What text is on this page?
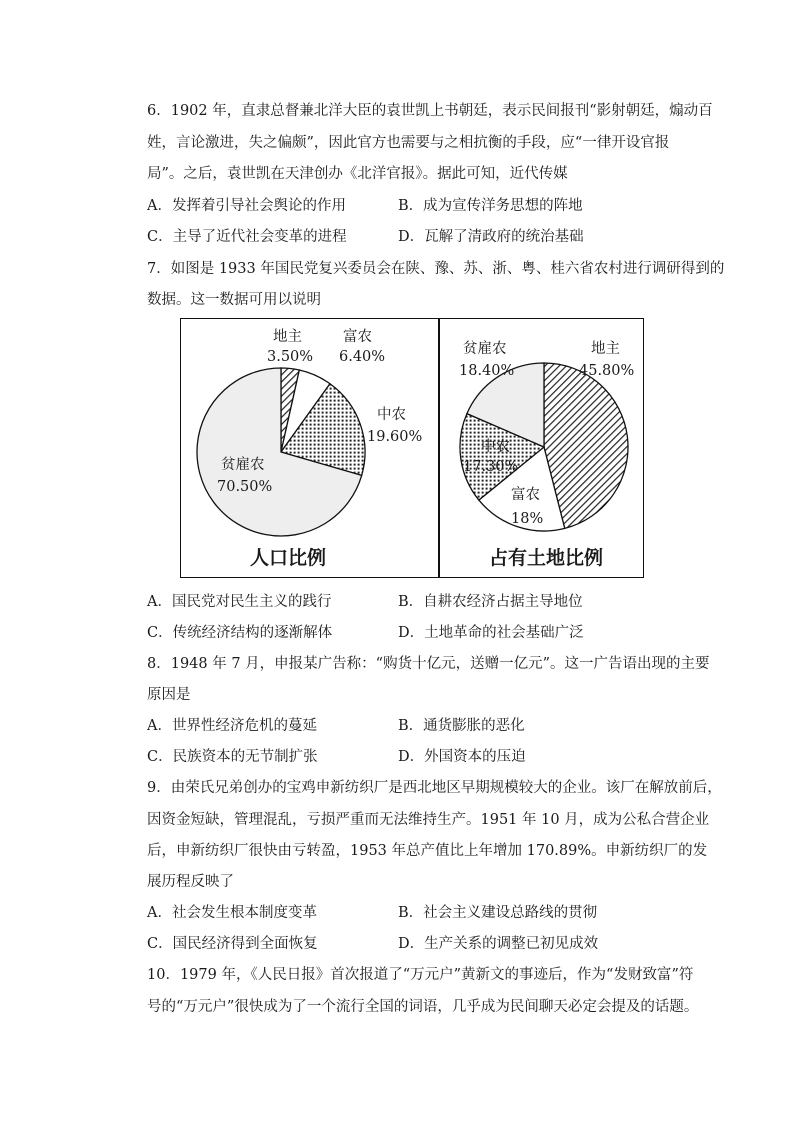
6．1902 年，直隶总督兼北洋大臣的袁世凯上书朝廷，表示民间报刊“影射朝廷，煽动百
姓，言论激进，失之偏颇”，因此官方也需要与之相抗衡的手段，应“一律开设官报
局”。之后，袁世凯在天津创办《北洋官报》。据此可知，近代传媒
A．发挥着引导社会舆论的作用	B．成为宣传洋务思想的阵地
C．主导了近代社会变革的进程	D．瓦解了清政府的统治基础
7．如图是 1933 年国民党复兴委员会在陕、豫、苏、浙、粤、桂六省农村进行调研得到的
数据。这一数据可用以说明
地主
3.50%
富农
6.40%
中农
19.60%
贫雇农
70.50%
贫雇农
18.40%
地主
45.80%
中农
17.30%
富农
18%
人口比例	占有土地比例
A．国民党对民生主义的践行	B．自耕农经济占据主导地位
C．传统经济结构的逐渐解体	D．土地革命的社会基础广泛
8．1948 年 7 月，申报某广告称：“购货十亿元，送赠一亿元”。这一广告语出现的主要
原因是
A．世界性经济危机的蔓延	B．通货膨胀的恶化
C．民族资本的无节制扩张	D．外国资本的压迫
9．由荣氏兄弟创办的宝鸡申新纺织厂是西北地区早期规模较大的企业。该厂在解放前后，
因资金短缺，管理混乱，亏损严重而无法维持生产。1951 年 10 月，成为公私合营企业
后，申新纺织厂很快由亏转盈，1953 年总产值比上年增加 170.89%。申新纺织厂的发
展历程反映了
A．社会发生根本制度变革	B．社会主义建设总路线的贯彻
C．国民经济得到全面恢复	D．生产关系的调整已初见成效
10．1979 年，《人民日报》首次报道了“万元户”黄新文的事迹后，作为“发财致富”符
号的“万元户”很快成为了一个流行全国的词语，几乎成为民间聊天必定会提及的话题。
